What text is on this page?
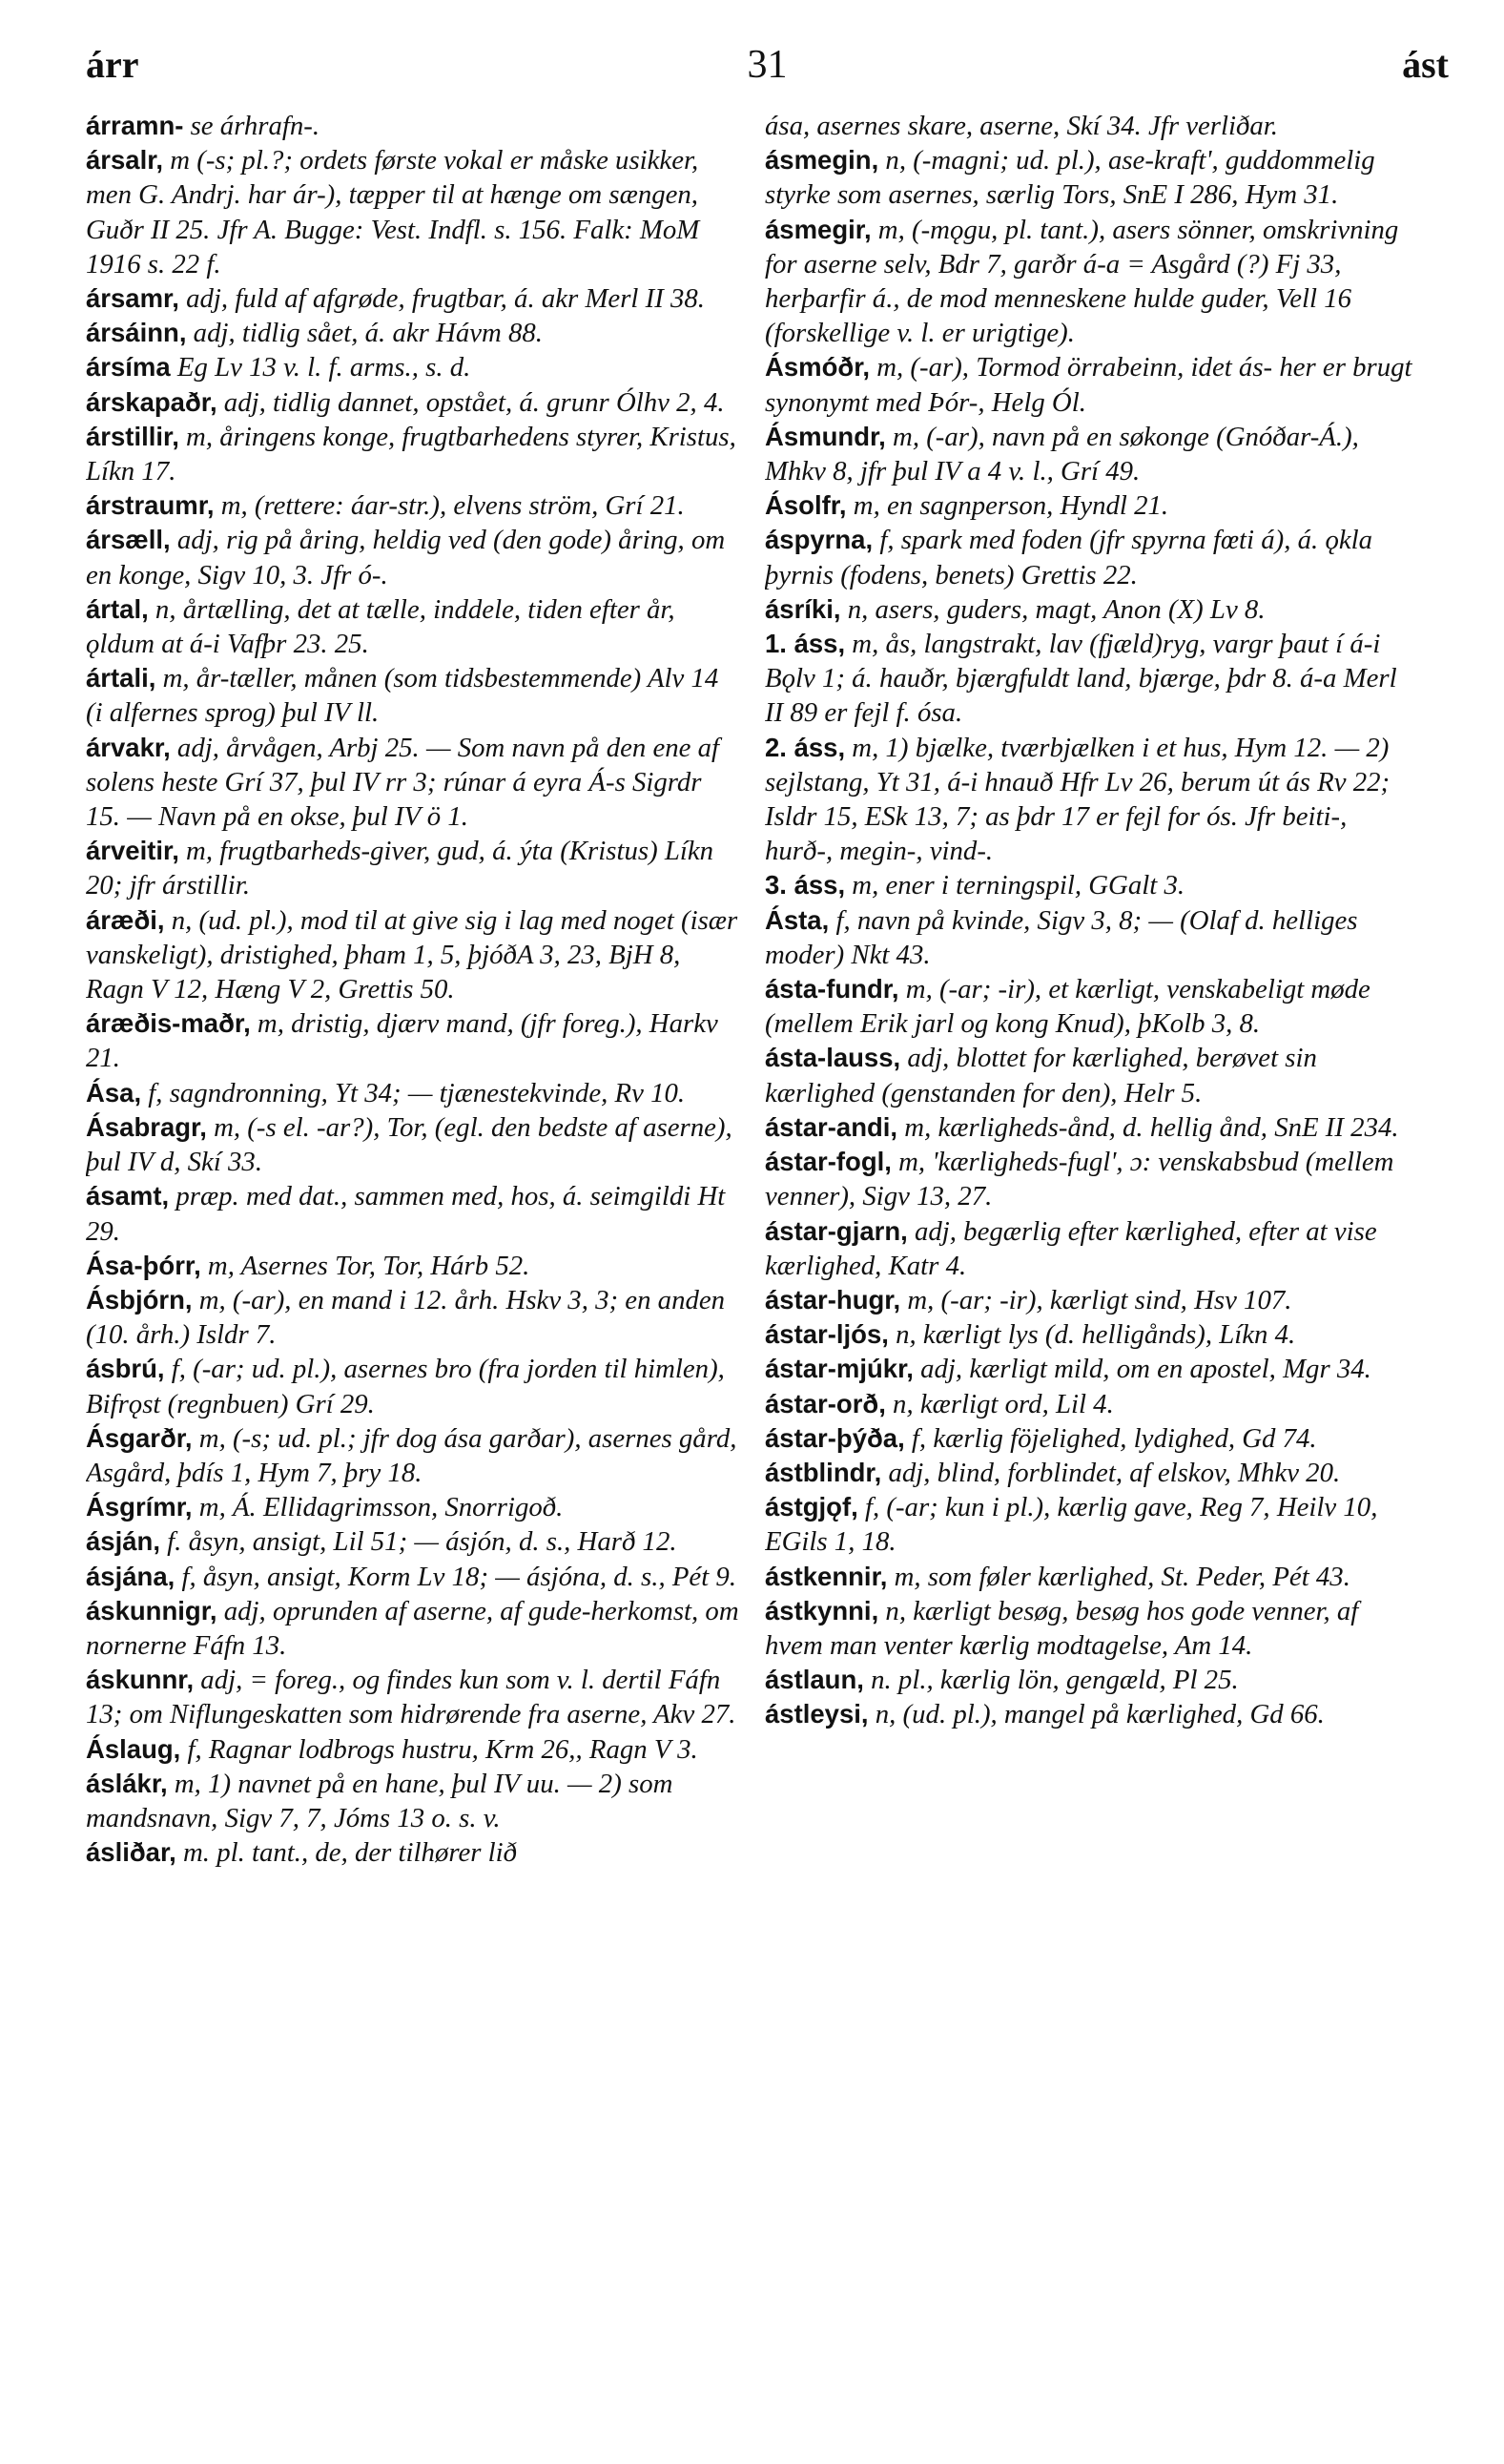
31
árr	ást
árramn- se árhrafn-.
ársalr, m (-s; pl.?; ordets første vokal er måske usikker, men G. Andrj. har ár-), tæpper til at hænge om sængen, Guðr II 25. Jfr A. Bugge: Vest. Indfl. s. 156. Falk: MoM 1916 s. 22 f.
ársamr, adj, fuld af afgrøde, frugtbar, á. akr Merl II 38.
ársáinn, adj, tidlig sået, á. akr Hávm 88.
ársíma Eg Lv 13 v. l. f. arms., s. d.
árskapaðr, adj, tidlig dannet, opstået, á. grunr Ólhv 2, 4.
árstillir, m, åringens konge, frugtbarhedens styrer, Kristus, Líkn 17.
árstraumr, m, (rettere: áar-str.), elvens ström, Grí 21.
ársæll, adj, rig på åring, heldig ved (den gode) åring, om en konge, Sigv 10, 3. Jfr ó-.
ártal, n, årtælling, det at tælle, inddele, tiden efter år, ǫldum at á-i Vafþr 23. 25.
ártali, m, år-tæller, månen (som tidsbestemmende) Alv 14 (i alfernes sprog) þul IV ll.
árvakr, adj, årvågen, Arbj 25. — Som navn på den ene af solens heste Grí 37, þul IV rr 3; rúnar á eyra Á-s Sigrdr 15. — Navn på en okse, þul IV ö 1.
árveitir, m, frugtbarheds-giver, gud, á. ýta (Kristus) Líkn 20; jfr árstillir.
áræði, n, (ud. pl.), mod til at give sig i lag med noget (især vanskeligt), dristighed, þham 1, 5, þjóðA 3, 23, BjH 8, Ragn V 12, Hæng V 2, Grettis 50.
áræðis-maðr, m, dristig, djærv mand, (jfr foreg.), Harkv 21.
Ása, f, sagndronning, Yt 34; — tjænestekvinde, Rv 10.
Ásabragr, m, (-s el. -ar?), Tor, (egl. den bedste af aserne), þul IV d, Skí 33.
ásamt, præp. med dat., sammen med, hos, á. seimgildi Ht 29.
Ása-þórr, m, Asernes Tor, Tor, Hárb 52.
Ásbjórn, m, (-ar), en mand i 12. årh. Hskv 3, 3; en anden (10. årh.) Isldr 7.
ásbrú, f, (-ar; ud. pl.), asernes bro (fra jorden til himlen), Bifrǫst (regnbuen) Grí 29.
Ásgarðr, m, (-s; ud. pl.; jfr dog ása garðar), asernes gård, Asgård, þdís 1, Hym 7, þry 18.
Ásgrímr, m, Á. Ellidagrimsson, Snorrigoð.
ásján, f. åsyn, ansigt, Lil 51; — ásjón, d. s., Harð 12.
ásjána, f, åsyn, ansigt, Korm Lv 18; — ásjóna, d. s., Pét 9.
áskunnigr, adj, oprunden af aserne, af gude-herkomst, om nornerne Fáfn 13.
áskunnr, adj, = foreg., og findes kun som v. l. dertil Fáfn 13; om Niflungeskatten som hidrørende fra aserne, Akv 27.
Áslaug, f, Ragnar lodbrogs hustru, Krm 26,, Ragn V 3.
áslákr, m, 1) navnet på en hane, þul IV uu. — 2) som mandsnavn, Sigv 7, 7, Jóms 13 o. s. v.
ásliðar, m. pl. tant., de, der tilhører lið
ása, asernes skare, aserne, Skí 34. Jfr verliðar.
ásmegin, n, (-magni; ud. pl.), ase-kraft', guddommelig styrke som asernes, særlig Tors, SnE I 286, Hym 31.
ásmegir, m, (-mǫgu, pl. tant.), asers sönner, omskrivning for aserne selv, Bdr 7, garðr á-a = Asgård (?) Fj 33, herþarfir á., de mod menneskene hulde guder, Vell 16 (forskellige v. l. er urigtige).
Ásmóðr, m, (-ar), Tormod örrabeinn, idet ás- her er brugt synonymt med Þór-, Helg Ól.
Ásmundr, m, (-ar), navn på en søkonge (Gnóðar-Á.), Mhkv 8, jfr þul IV a 4 v. l., Grí 49.
Ásolfr, m, en sagnperson, Hyndl 21.
áspyrna, f, spark med foden (jfr spyrna fœti á), á. ǫkla þyrnis (fodens, benets) Grettis 22.
ásríki, n, asers, guders, magt, Anon (X) Lv 8.
1. áss, m, ås, langstrakt, lav (fjæld)ryg, vargr þaut í á-i Bǫlv 1; á. hauðr, bjærgfuldt land, bjærge, þdr 8. á-a Merl II 89 er fejl f. ósa.
2. áss, m, 1) bjælke, tværbjælken i et hus, Hym 12. — 2) sejlstang, Yt 31, á-i hnauð Hfr Lv 26, berum út ás Rv 22; Isldr 15, ESk 13, 7; as þdr 17 er fejl for ós. Jfr beiti-, hurð-, megin-, vind-.
3. áss, m, ener i terningspil, GGalt 3.
Ásta, f, navn på kvinde, Sigv 3, 8; — (Olaf d. helliges moder) Nkt 43.
ásta-fundr, m, (-ar; -ir), et kærligt, venskabeligt møde (mellem Erik jarl og kong Knud), þKolb 3, 8.
ásta-lauss, adj, blottet for kærlighed, berøvet sin kærlighed (genstanden for den), Helr 5.
ástar-andi, m, kærligheds-ånd, d. hellig ånd, SnE II 234.
ástar-fogl, m, 'kærligheds-fugl', ɔ: venskabsbud (mellem venner), Sigv 13, 27.
ástar-gjarn, adj, begærlig efter kærlighed, efter at vise kærlighed, Katr 4.
ástar-hugr, m, (-ar; -ir), kærligt sind, Hsv 107.
ástar-ljós, n, kærligt lys (d. helligånds), Líkn 4.
ástar-mjúkr, adj, kærligt mild, om en apostel, Mgr 34.
ástar-orð, n, kærligt ord, Lil 4.
ástar-þýða, f, kærlig föjelighed, lydighed, Gd 74.
ástblindr, adj, blind, forblindet, af elskov, Mhkv 20.
ástgjǫf, f, (-ar; kun i pl.), kærlig gave, Reg 7, Heilv 10, EGils 1, 18.
ástkennir, m, som føler kærlighed, St. Peder, Pét 43.
ástkynni, n, kærligt besøg, besøg hos gode venner, af hvem man venter kærlig modtagelse, Am 14.
ástlaun, n. pl., kærlig lön, gengæld, Pl 25.
ástleysi, n, (ud. pl.), mangel på kærlighed, Gd 66.
